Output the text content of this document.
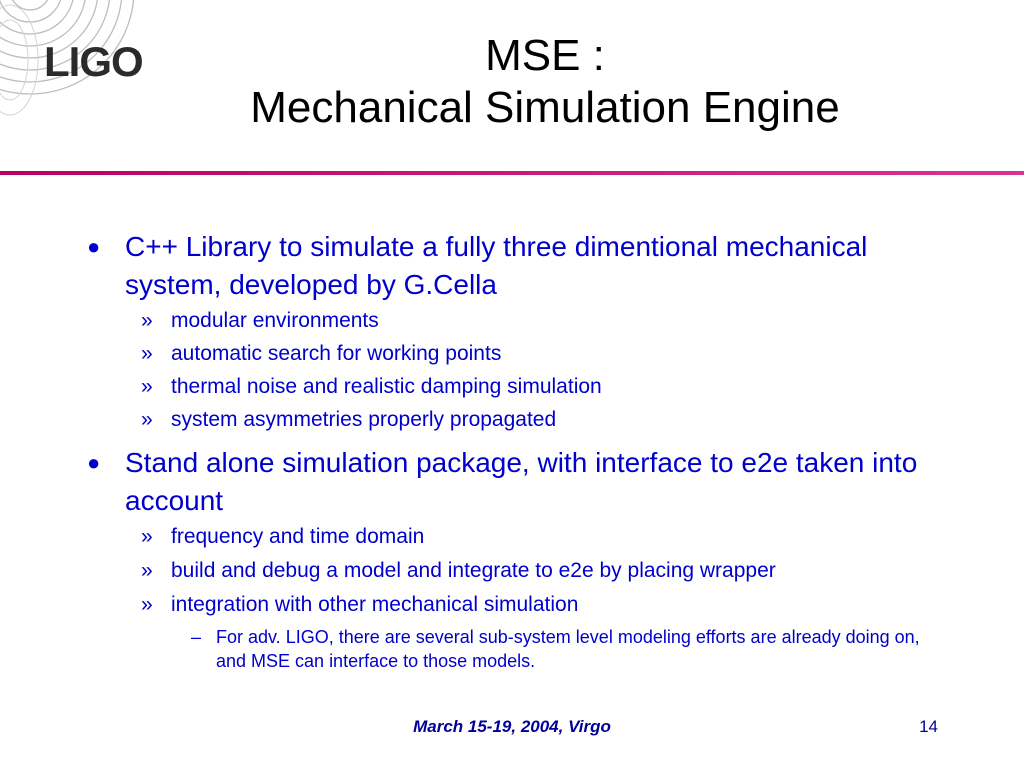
LIGO	MSE :
Mechanical Simulation Engine
● C++ Library to simulate a fully three dimentional mechanical system, developed by G.Cella
» modular environments
» automatic search for working points
» thermal noise and realistic damping simulation
» system asymmetries properly propagated
● Stand alone simulation package, with interface to e2e taken into account
» frequency and time domain
» build and debug a model and integrate to e2e by placing wrapper
» integration with other mechanical simulation
– For adv. LIGO, there are several sub-system level modeling efforts are already doing on, and MSE can interface to those models.
March 15-19, 2004, Virgo	14
